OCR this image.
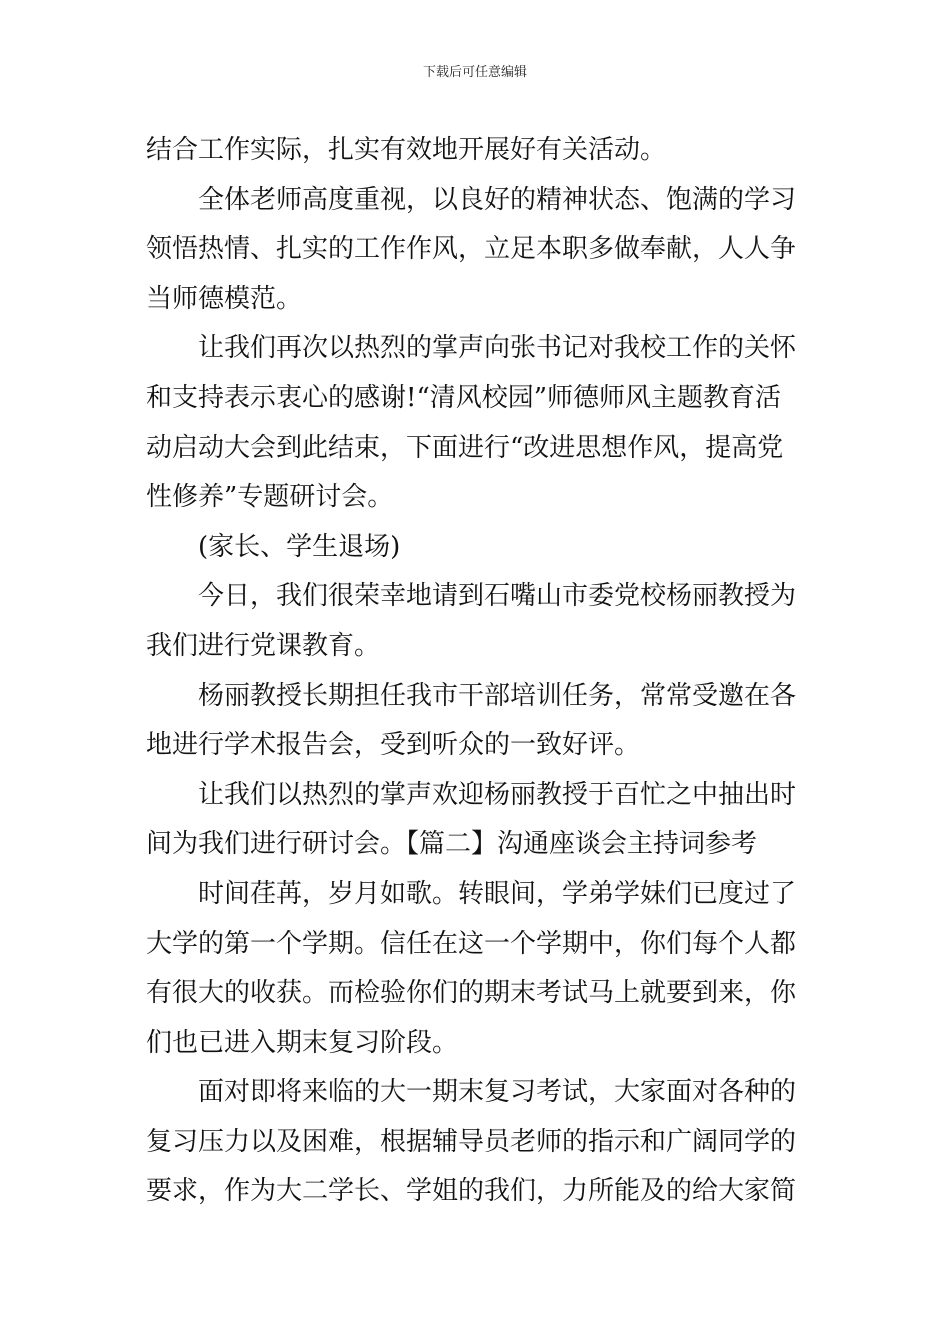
下载后可任意编辑
结合工作实际，扎实有效地开展好有关活动。
全体老师高度重视，以良好的精神状态、饱满的学习
领悟热情、扎实的工作作风，立足本职多做奉献，人人争
当师德模范。
让我们再次以热烈的掌声向张书记对我校工作的关怀
和支持表示衷心的感谢!“清风校园”师德师风主题教育活
动启动大会到此结束，下面进行“改进思想作风，提高党
性修养”专题研讨会。
(家长、学生退场)
今日，我们很荣幸地请到石嘴山市委党校杨丽教授为
我们进行党课教育。
杨丽教授长期担任我市干部培训任务，常常受邀在各
地进行学术报告会，受到听众的一致好评。
让我们以热烈的掌声欢迎杨丽教授于百忙之中抽出时
间为我们进行研讨会。【篇二】沟通座谈会主持词参考
时间荏苒，岁月如歌。转眼间，学弟学妹们已度过了
大学的第一个学期。信任在这一个学期中，你们每个人都
有很大的收获。而检验你们的期末考试马上就要到来，你
们也已进入期末复习阶段。
面对即将来临的大一期末复习考试，大家面对各种的
复习压力以及困难，根据辅导员老师的指示和广阔同学的
要求，作为大二学长、学姐的我们，力所能及的给大家简
